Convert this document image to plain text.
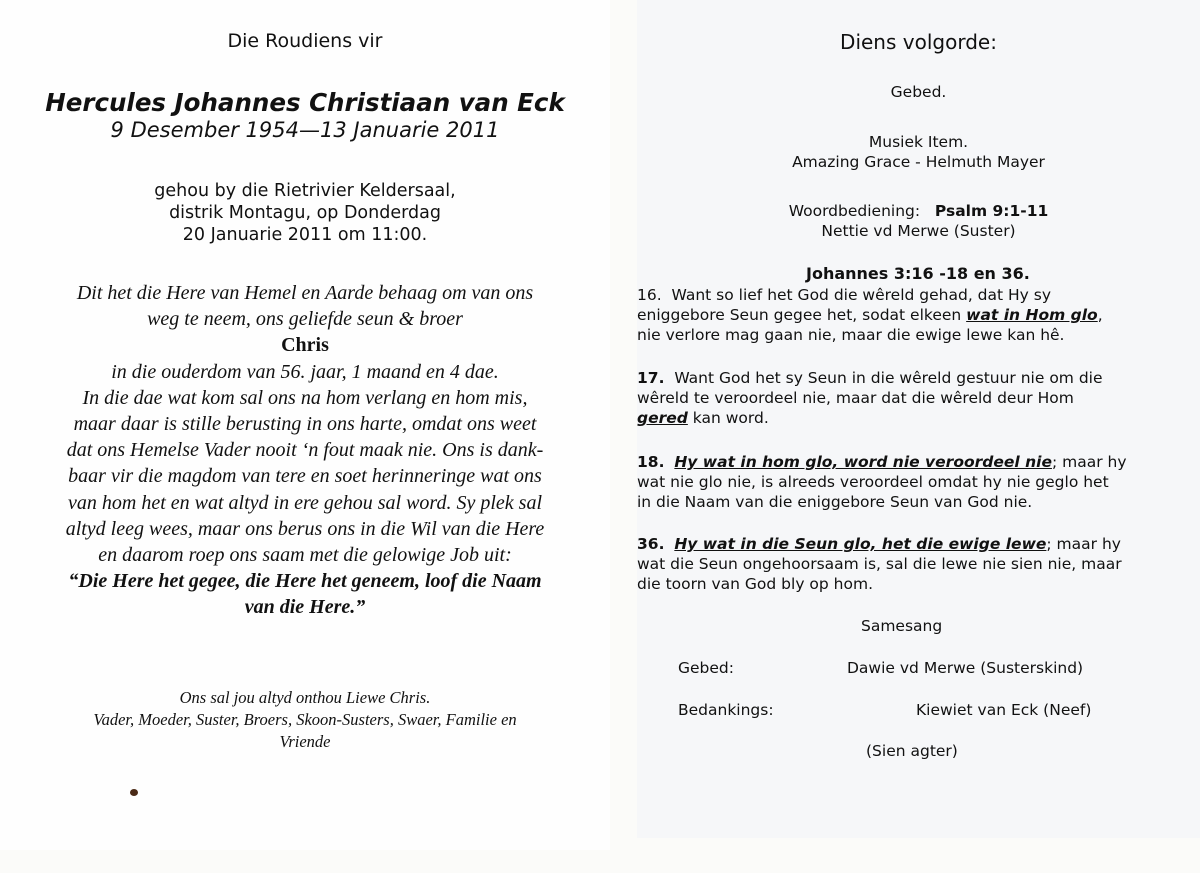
Die Roudiens vir
Hercules Johannes Christiaan van Eck
9 Desember 1954—13 Januarie 2011
gehou by die Rietrivier Keldersaal,
distrik Montagu, op Donderdag
20 Januarie 2011 om 11:00.
Dit het die Here van Hemel en Aarde behaag om van ons
weg te neem, ons geliefde seun & broer
Chris
in die ouderdom van 56. jaar, 1 maand en 4 dae.
In die dae wat kom sal ons na hom verlang en hom mis,
maar daar is stille berusting in ons harte, omdat ons weet
dat ons Hemelse Vader nooit ‘n fout maak nie. Ons is dank-
baar vir die magdom van tere en soet herinneringe wat ons
van hom het en wat altyd in ere gehou sal word. Sy plek sal
altyd leeg wees, maar ons berus ons in die Wil van die Here
en daarom roep ons saam met die gelowige Job uit:
“Die Here het gegee, die Here het geneem, loof die Naam
van die Here.”
Ons sal jou altyd onthou Liewe Chris.
Vader, Moeder, Suster, Broers, Skoon-Susters, Swaer, Familie en
Vriende
Diens volgorde:
Gebed.
Musiek Item.
Amazing Grace - Helmuth Mayer
Woordbediening: Psalm 9:1-11
Nettie vd Merwe (Suster)
Johannes 3:16 -18 en 36.
16. Want so lief het God die wêreld gehad, dat Hy sy
eniggebore Seun gegee het, sodat elkeen wat in Hom glo,
nie verlore mag gaan nie, maar die ewige lewe kan hê.
17. Want God het sy Seun in die wêreld gestuur nie om die
wêreld te veroordeel nie, maar dat die wêreld deur Hom
gered kan word.
18. Hy wat in hom glo, word nie veroordeel nie; maar hy
wat nie glo nie, is alreeds veroordeel omdat hy nie geglo het
in die Naam van die eniggebore Seun van God nie.
36. Hy wat in die Seun glo, het die ewige lewe; maar hy
wat die Seun ongehoorsaam is, sal die lewe nie sien nie, maar
die toorn van God bly op hom.
Samesang
Gebed:	Dawie vd Merwe (Susterskind)
Bedankings:	Kiewiet van Eck (Neef)
(Sien agter)
